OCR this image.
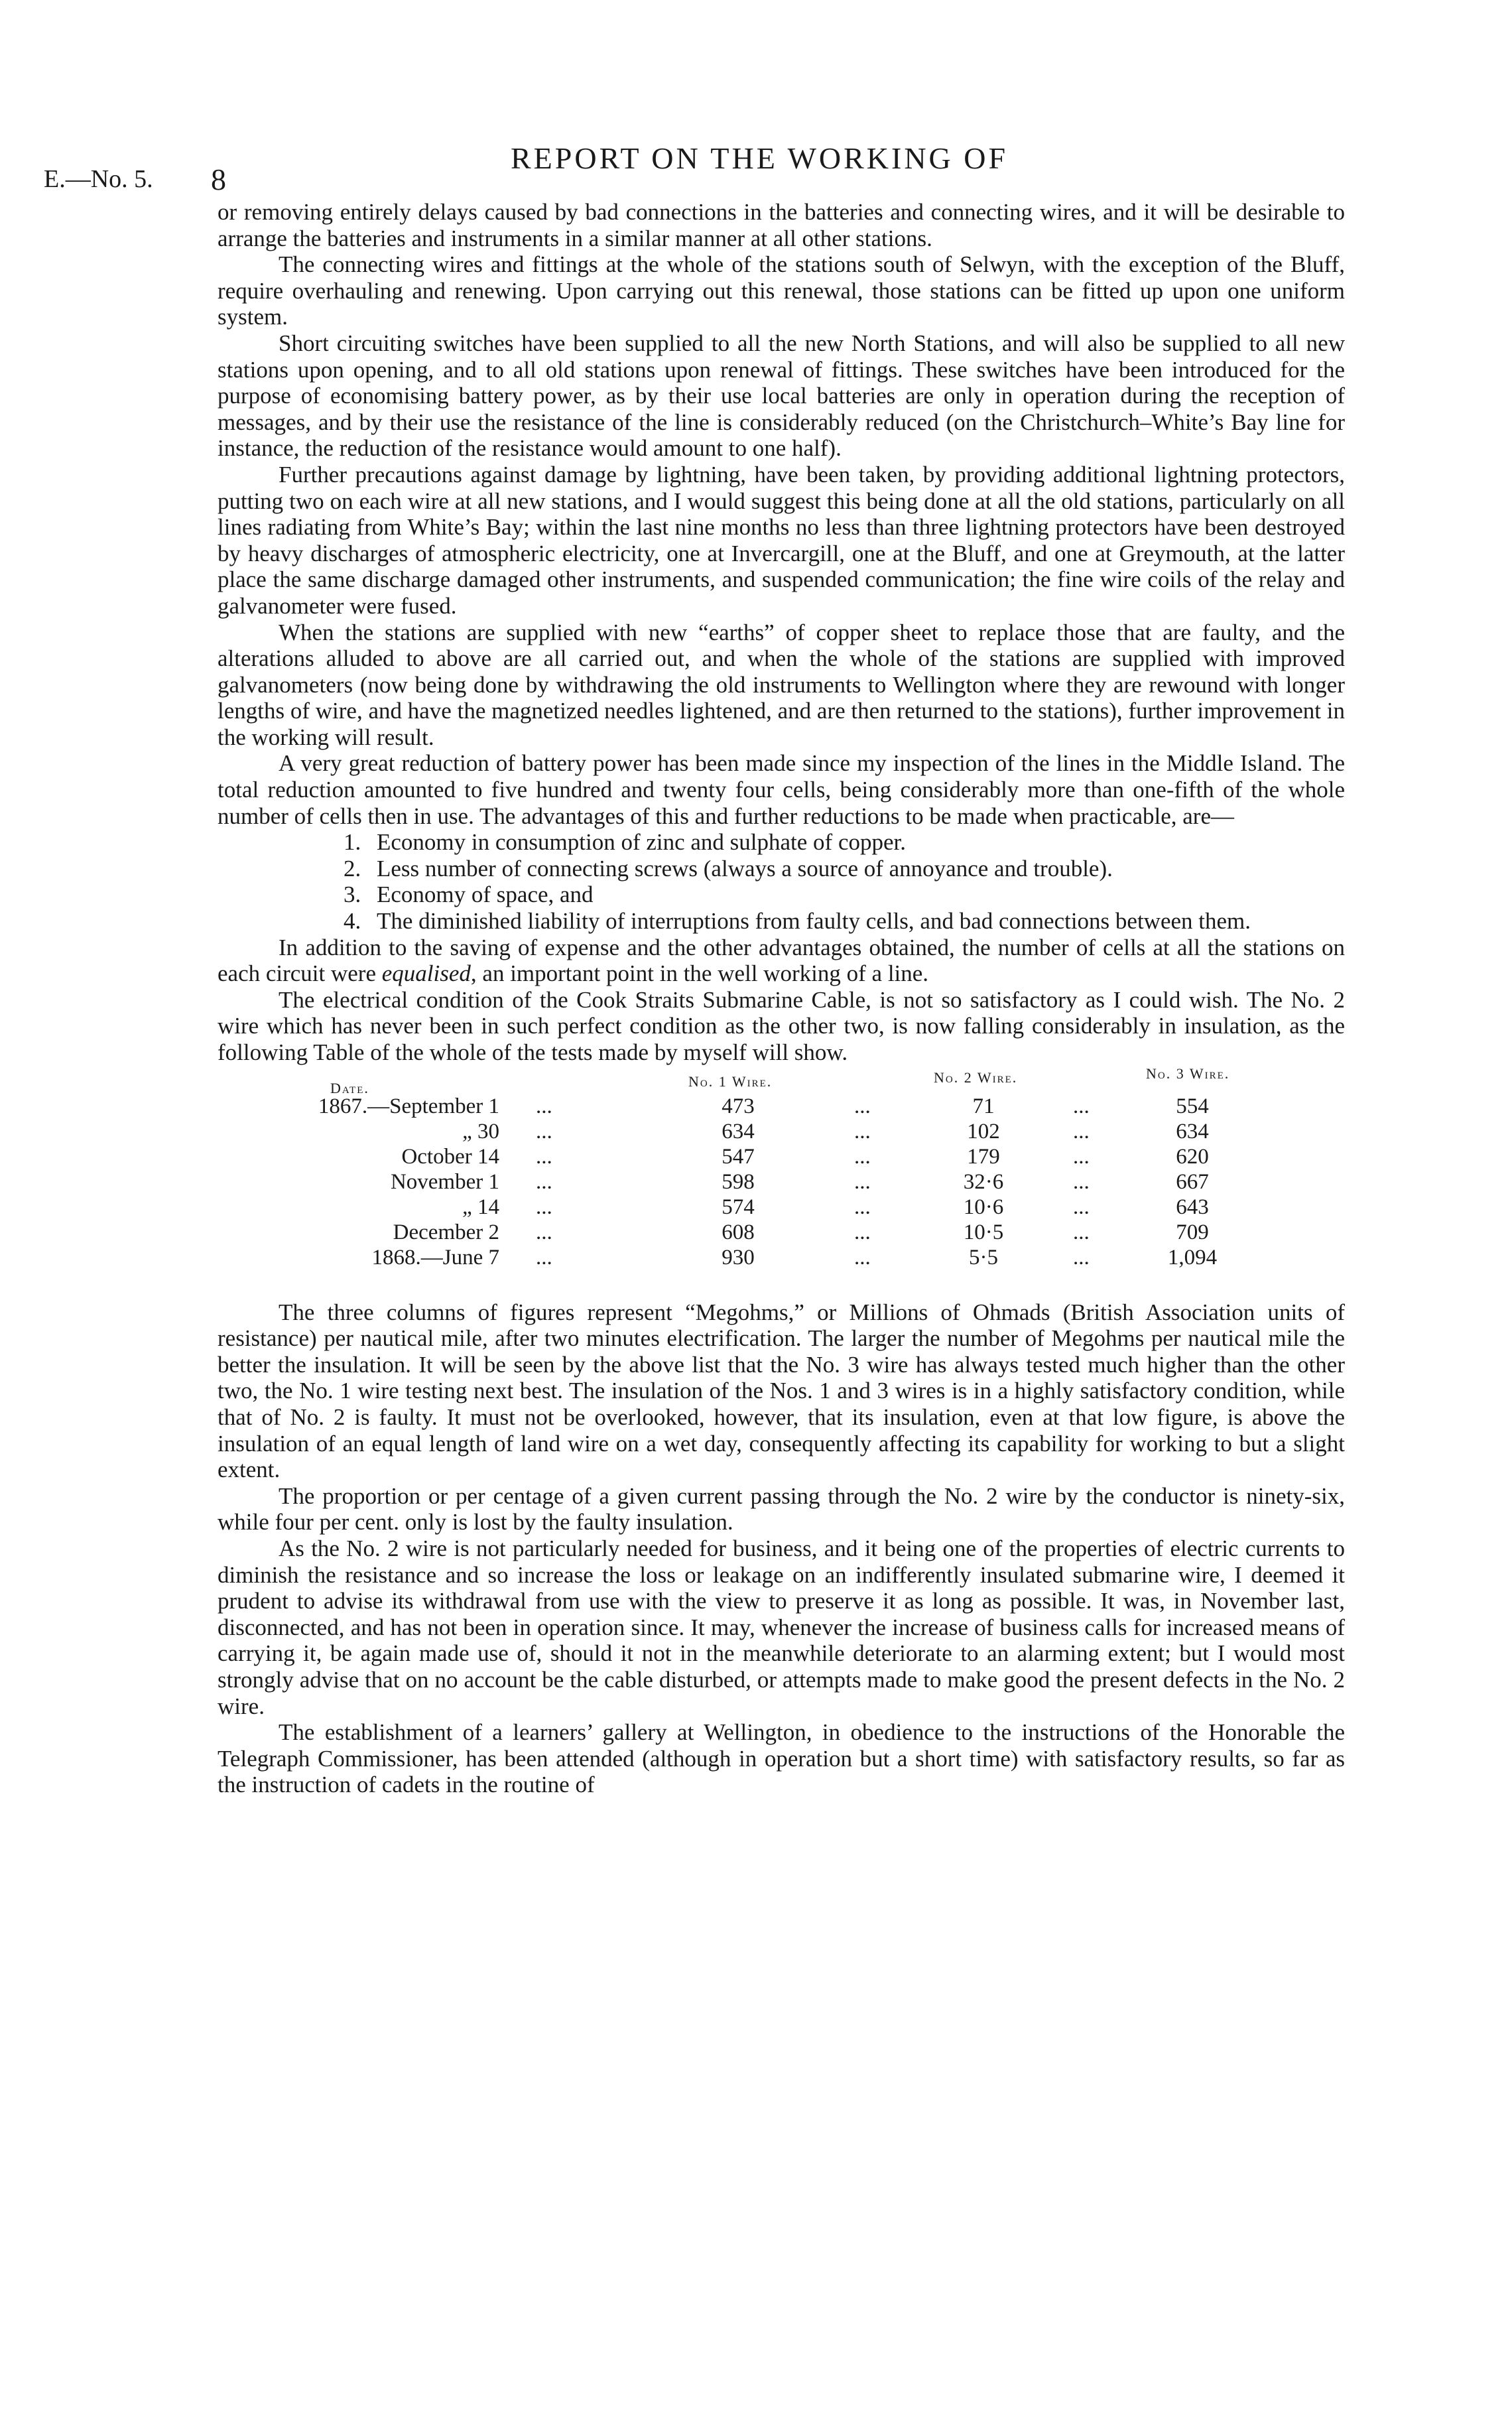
E.—No. 5. 8
REPORT ON THE WORKING OF

or removing entirely delays caused by bad connections in the batteries and connecting wires, and it will be desirable to arrange the batteries and instruments in a similar manner at all other stations.

The connecting wires and fittings at the whole of the stations south of Selwyn, with the exception of the Bluff, require overhauling and renewing. Upon carrying out this renewal, those stations can be fitted up upon one uniform system.

Short circuiting switches have been supplied to all the new North Stations, and will also be supplied to all new stations upon opening, and to all old stations upon renewal of fittings. These switches have been introduced for the purpose of economising battery power, as by their use local batteries are only in operation during the reception of messages, and by their use the resistance of the line is considerably reduced (on the Christchurch–White’s Bay line for instance, the reduction of the resistance would amount to one half).

Further precautions against damage by lightning, have been taken, by providing additional lightning protectors, putting two on each wire at all new stations, and I would suggest this being done at all the old stations, particularly on all lines radiating from White’s Bay; within the last nine months no less than three lightning protectors have been destroyed by heavy discharges of atmospheric electricity, one at Invercargill, one at the Bluff, and one at Greymouth, at the latter place the same discharge damaged other instruments, and suspended communication; the fine wire coils of the relay and galvanometer were fused.

When the stations are supplied with new “earths” of copper sheet to replace those that are faulty, and the alterations alluded to above are all carried out, and when the whole of the stations are supplied with improved galvanometers (now being done by withdrawing the old instruments to Wellington where they are rewound with longer lengths of wire, and have the magnetized needles lightened, and are then returned to the stations), further improvement in the working will result.

A very great reduction of battery power has been made since my inspection of the lines in the Middle Island. The total reduction amounted to five hundred and twenty four cells, being considerably more than one-fifth of the whole number of cells then in use. The advantages of this and further reductions to be made when practicable, are—

1. Economy in consumption of zinc and sulphate of copper.
2. Less number of connecting screws (always a source of annoyance and trouble).
3. Economy of space, and
4. The diminished liability of interruptions from faulty cells, and bad connections between them.

In addition to the saving of expense and the other advantages obtained, the number of cells at all the stations on each circuit were equalised, an important point in the well working of a line.

The electrical condition of the Cook Straits Submarine Cable, is not so satisfactory as I could wish. The No. 2 wire which has never been in such perfect condition as the other two, is now falling considerably in insulation, as the following Table of the whole of the tests made by myself will show.

Date.	No. 1 Wire.	No. 2 Wire.	No. 3 Wire.
1867.—September 1 ...	473	...	71	...	554
„ 30 ...	634	...	102	...	634
October 14 ...	547	...	179	...	620
November 1 ...	598	...	32·6	...	667
„ 14 ...	574	...	10·6	...	643
December 2 ...	608	...	10·5	...	709
1868.—June 7 ...	930	...	5·5	...	1,094

The three columns of figures represent “Megohms,” or Millions of Ohmads (British Association units of resistance) per nautical mile, after two minutes electrification. The larger the number of Megohms per nautical mile the better the insulation. It will be seen by the above list that the No. 3 wire has always tested much higher than the other two, the No. 1 wire testing next best. The insulation of the Nos. 1 and 3 wires is in a highly satisfactory condition, while that of No. 2 is faulty. It must not be overlooked, however, that its insulation, even at that low figure, is above the insulation of an equal length of land wire on a wet day, consequently affecting its capability for working to but a slight extent.

The proportion or per centage of a given current passing through the No. 2 wire by the conductor is ninety-six, while four per cent. only is lost by the faulty insulation.

As the No. 2 wire is not particularly needed for business, and it being one of the properties of electric currents to diminish the resistance and so increase the loss or leakage on an indifferently insulated submarine wire, I deemed it prudent to advise its withdrawal from use with the view to preserve it as long as possible. It was, in November last, disconnected, and has not been in operation since. It may, whenever the increase of business calls for increased means of carrying it, be again made use of, should it not in the meanwhile deteriorate to an alarming extent; but I would most strongly advise that on no account be the cable disturbed, or attempts made to make good the present defects in the No. 2 wire.

The establishment of a learners’ gallery at Wellington, in obedience to the instructions of the Honorable the Telegraph Commissioner, has been attended (although in operation but a short time) with satisfactory results, so far as the instruction of cadets in the routine of
